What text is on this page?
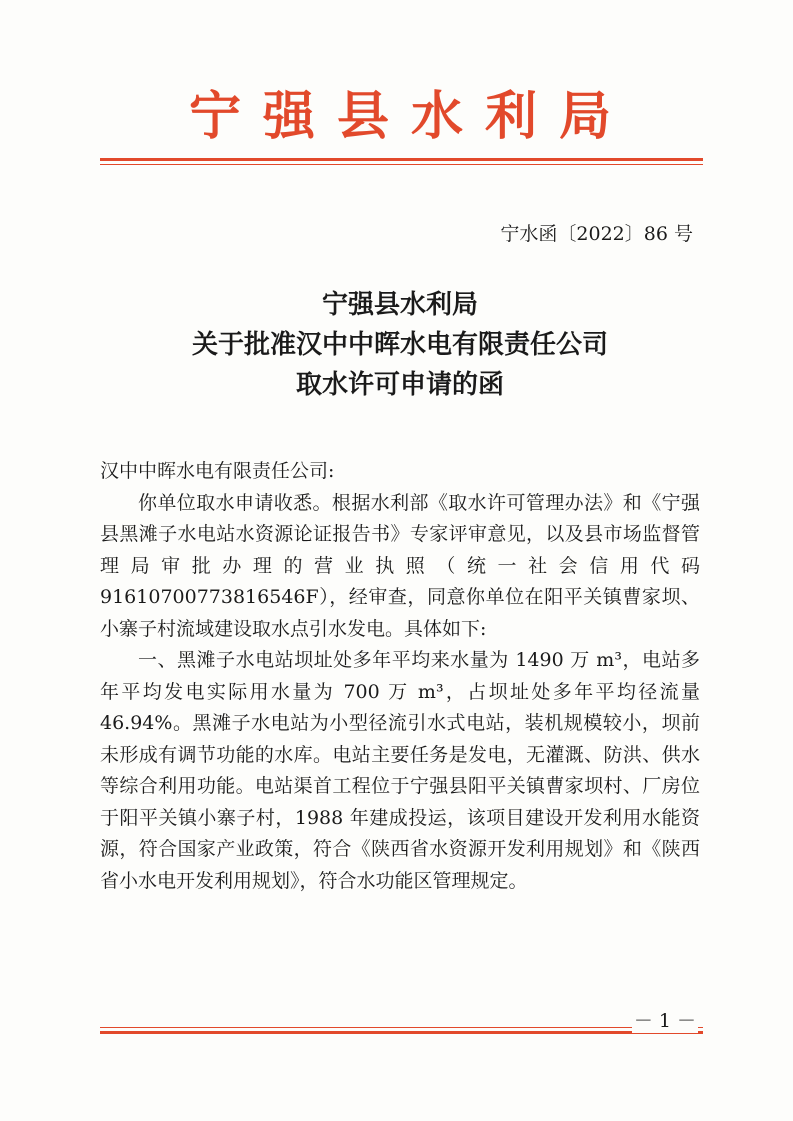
宁强县水利局
宁水函〔2022〕86 号
宁强县水利局
关于批准汉中中晖水电有限责任公司
取水许可申请的函

汉中中晖水电有限责任公司:

你单位取水申请收悉。根据水利部《取水许可管理办法》和《宁强县黑滩子水电站水资源论证报告书》专家评审意见，以及县市场监督管理局审批办理的营业执照（统一社会信用代码91610700773816546F），经审查，同意你单位在阳平关镇曹家坝、小寨子村流域建设取水点引水发电。具体如下:

一、黑滩子水电站坝址处多年平均来水量为 1490 万 m³，电站多年平均发电实际用水量为 700 万 m³，占坝址处多年平均径流量 46.94%。黑滩子水电站为小型径流引水式电站，装机规模较小，坝前未形成有调节功能的水库。电站主要任务是发电，无灌溉、防洪、供水等综合利用功能。电站渠首工程位于宁强县阳平关镇曹家坝村、厂房位于阳平关镇小寨子村，1988 年建成投运，该项目建设开发利用水能资源，符合国家产业政策，符合《陕西省水资源开发利用规划》和《陕西省小水电开发利用规划》，符合水功能区管理规定。

－ 1 －
